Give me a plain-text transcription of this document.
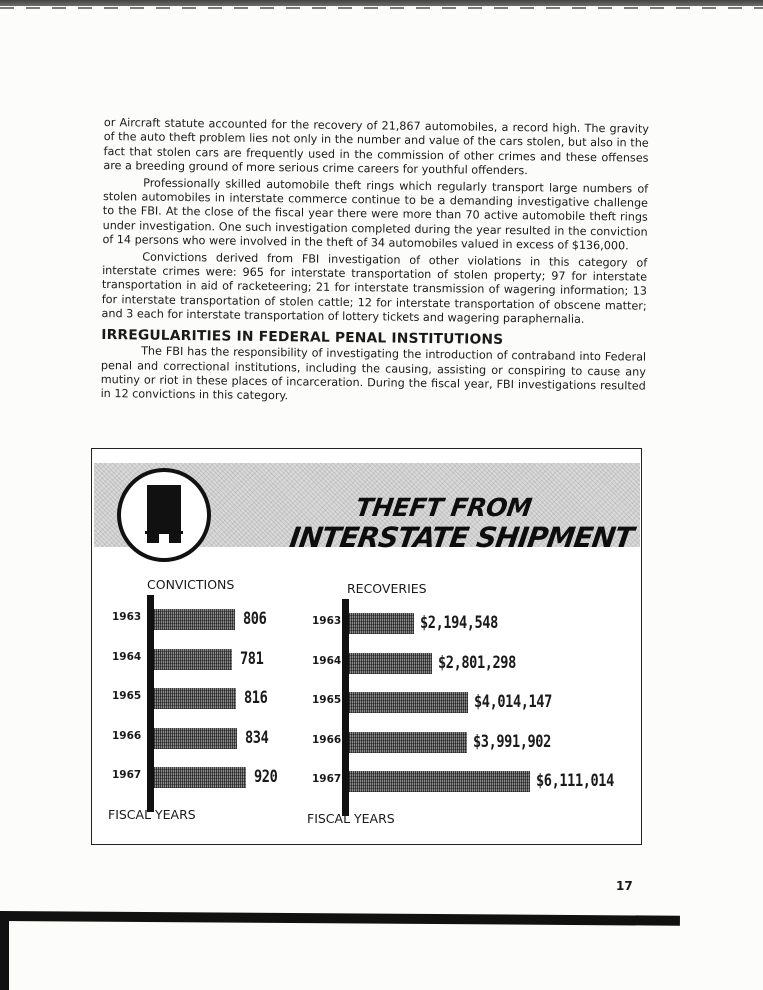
or Aircraft statute accounted for the recovery of 21,867 automobiles, a record high. The gravity of the auto theft problem lies not only in the number and value of the cars stolen, but also in the fact that stolen cars are frequently used in the commission of other crimes and these offenses are a breeding ground of more serious crime careers for youthful offenders.

Professionally skilled automobile theft rings which regularly transport large numbers of stolen automobiles in interstate commerce continue to be a demanding investigative challenge to the FBI. At the close of the fiscal year there were more than 70 active automobile theft rings under investigation. One such investigation completed during the year resulted in the conviction of 14 persons who were involved in the theft of 34 automobiles valued in excess of $136,000.

Convictions derived from FBI investigation of other violations in this category of interstate crimes were: 965 for interstate transportation of stolen property; 97 for interstate transportation in aid of racketeering; 21 for interstate transmission of wagering information; 13 for interstate transportation of stolen cattle; 12 for interstate transportation of obscene matter; and 3 each for interstate transportation of lottery tickets and wagering paraphernalia.

IRREGULARITIES IN FEDERAL PENAL INSTITUTIONS

The FBI has the responsibility of investigating the introduction of contraband into Federal penal and correctional institutions, including the causing, assisting or conspiring to cause any mutiny or riot in these places of incarceration. During the fiscal year, FBI investigations resulted in 12 convictions in this category.

THEFT FROM
INTERSTATE SHIPMENT
CONVICTIONS
1963	806
1964	781
1965	816
1966	834
1967	920
FISCAL YEARS
RECOVERIES
1963	$2,194,548
1964	$2,801,298
1965	$4,014,147
1966	$3,991,902
1967	$6,111,014
FISCAL YEARS
17
